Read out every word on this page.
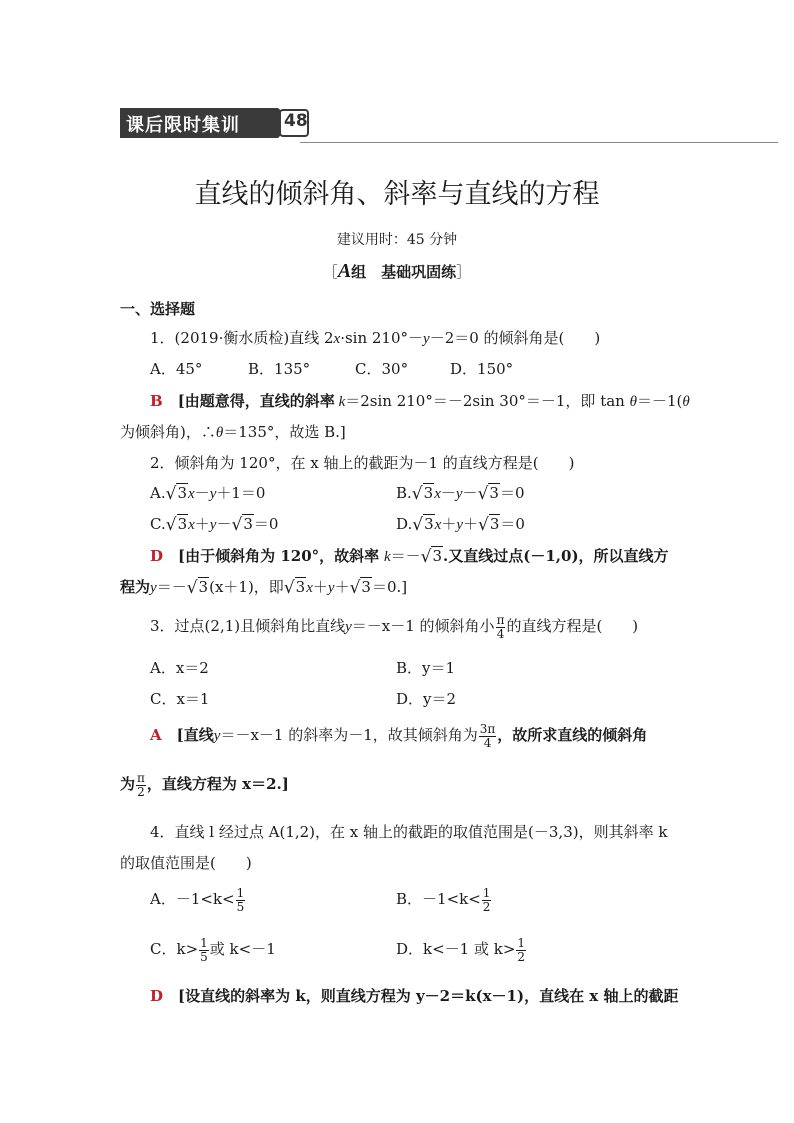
课后限时集训	48
直线的倾斜角、斜率与直线的方程
建议用时：45 分钟
［A组　基础巩固练］
一、选择题
1．(2019·衡水质检)直线 2x·sin 210°－y－2＝0 的倾斜角是(　　)
A．45°	B．135°	C．30°	D．150°
B　 [由题意得，直线的斜率 k＝2sin 210°＝－2sin 30°＝－1，即 tan θ＝－1(θ
为倾斜角)，∴θ＝135°，故选 B.]
2．倾斜角为 120°，在 x 轴上的截距为－1 的直线方程是(　　)
A.√3x－y＋1＝0	B.√3x－y－√3＝0
C.√3x＋y－√3＝0	D.√3x＋y＋√3＝0
D　 [由于倾斜角为 120°，故斜率 k＝－√3.又直线过点(－1,0)，所以直线方
程为y＝－√3(x＋1)，即√3x＋y＋√3＝0.]
3．过点(2,1)且倾斜角比直线y＝－x－1 的倾斜角小 $\frac{\pi}{4}$ 的直线方程是(　　)
A．x＝2	B．y＝1
C．x＝1	D．y＝2
A　 [直线y＝－x－1 的斜率为－1，故其倾斜角为 $\frac{3\pi}{4}$ ，故所求直线的倾斜角
为 $\frac{\pi}{2}$ ，直线方程为 x＝2.]
4．直线 l 经过点 A(1,2)，在 x 轴上的截距的取值范围是(－3,3)，则其斜率 k
的取值范围是(　　)
A．$-1<k< \frac{1}{5}$	B．$-1<k< \frac{1}{2}$
C．$k> \frac{1}{5}$ 或 k<－1	D．k<－1 或 $k> \frac{1}{2}$
D　 [设直线的斜率为 k，则直线方程为 y－2＝k(x－1)，直线在 x 轴上的截距
